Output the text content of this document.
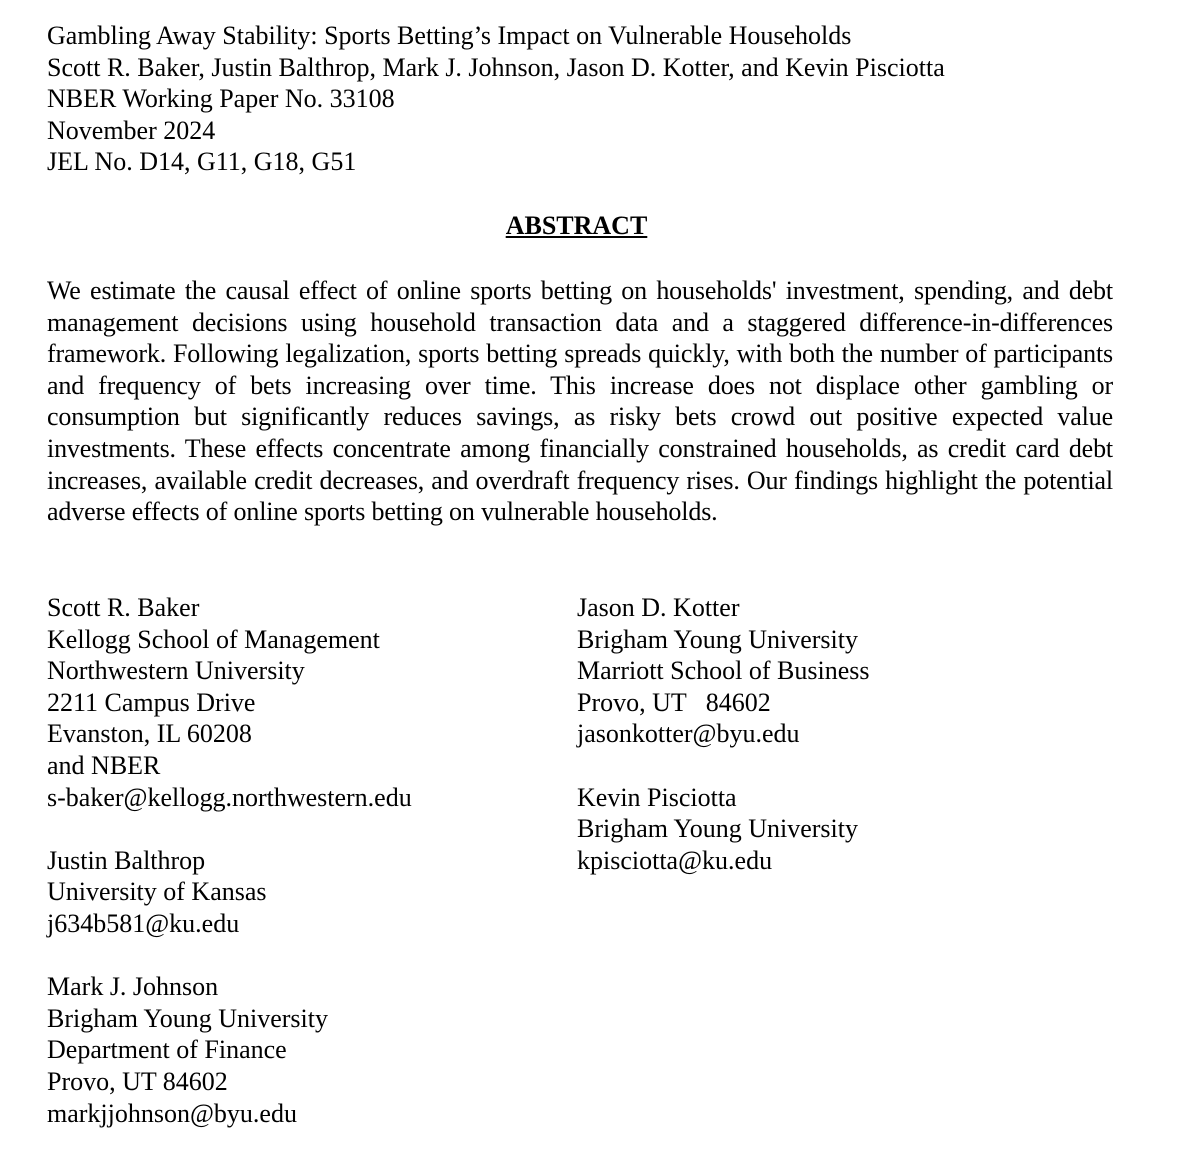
Gambling Away Stability: Sports Betting’s Impact on Vulnerable Households
Scott R. Baker, Justin Balthrop, Mark J. Johnson, Jason D. Kotter, and Kevin Pisciotta
NBER Working Paper No. 33108
November 2024
JEL No. D14, G11, G18, G51
ABSTRACT
We estimate the causal effect of online sports betting on households' investment, spending, and debt management decisions using household transaction data and a staggered difference-in-differences framework. Following legalization, sports betting spreads quickly, with both the number of participants and frequency of bets increasing over time. This increase does not displace other gambling or consumption but significantly reduces savings, as risky bets crowd out positive expected value investments. These effects concentrate among financially constrained households, as credit card debt increases, available credit decreases, and overdraft frequency rises. Our findings highlight the potential adverse effects of online sports betting on vulnerable households.
Scott R. Baker
Kellogg School of Management
Northwestern University
2211 Campus Drive
Evanston, IL 60208
and NBER
s-baker@kellogg.northwestern.edu
Justin Balthrop
University of Kansas
j634b581@ku.edu
Mark J. Johnson
Brigham Young University
Department of Finance
Provo, UT 84602
markjjohnson@byu.edu
Jason D. Kotter
Brigham Young University
Marriott School of Business
Provo, UT   84602
jasonkotter@byu.edu
Kevin Pisciotta
Brigham Young University
kpisciotta@ku.edu
